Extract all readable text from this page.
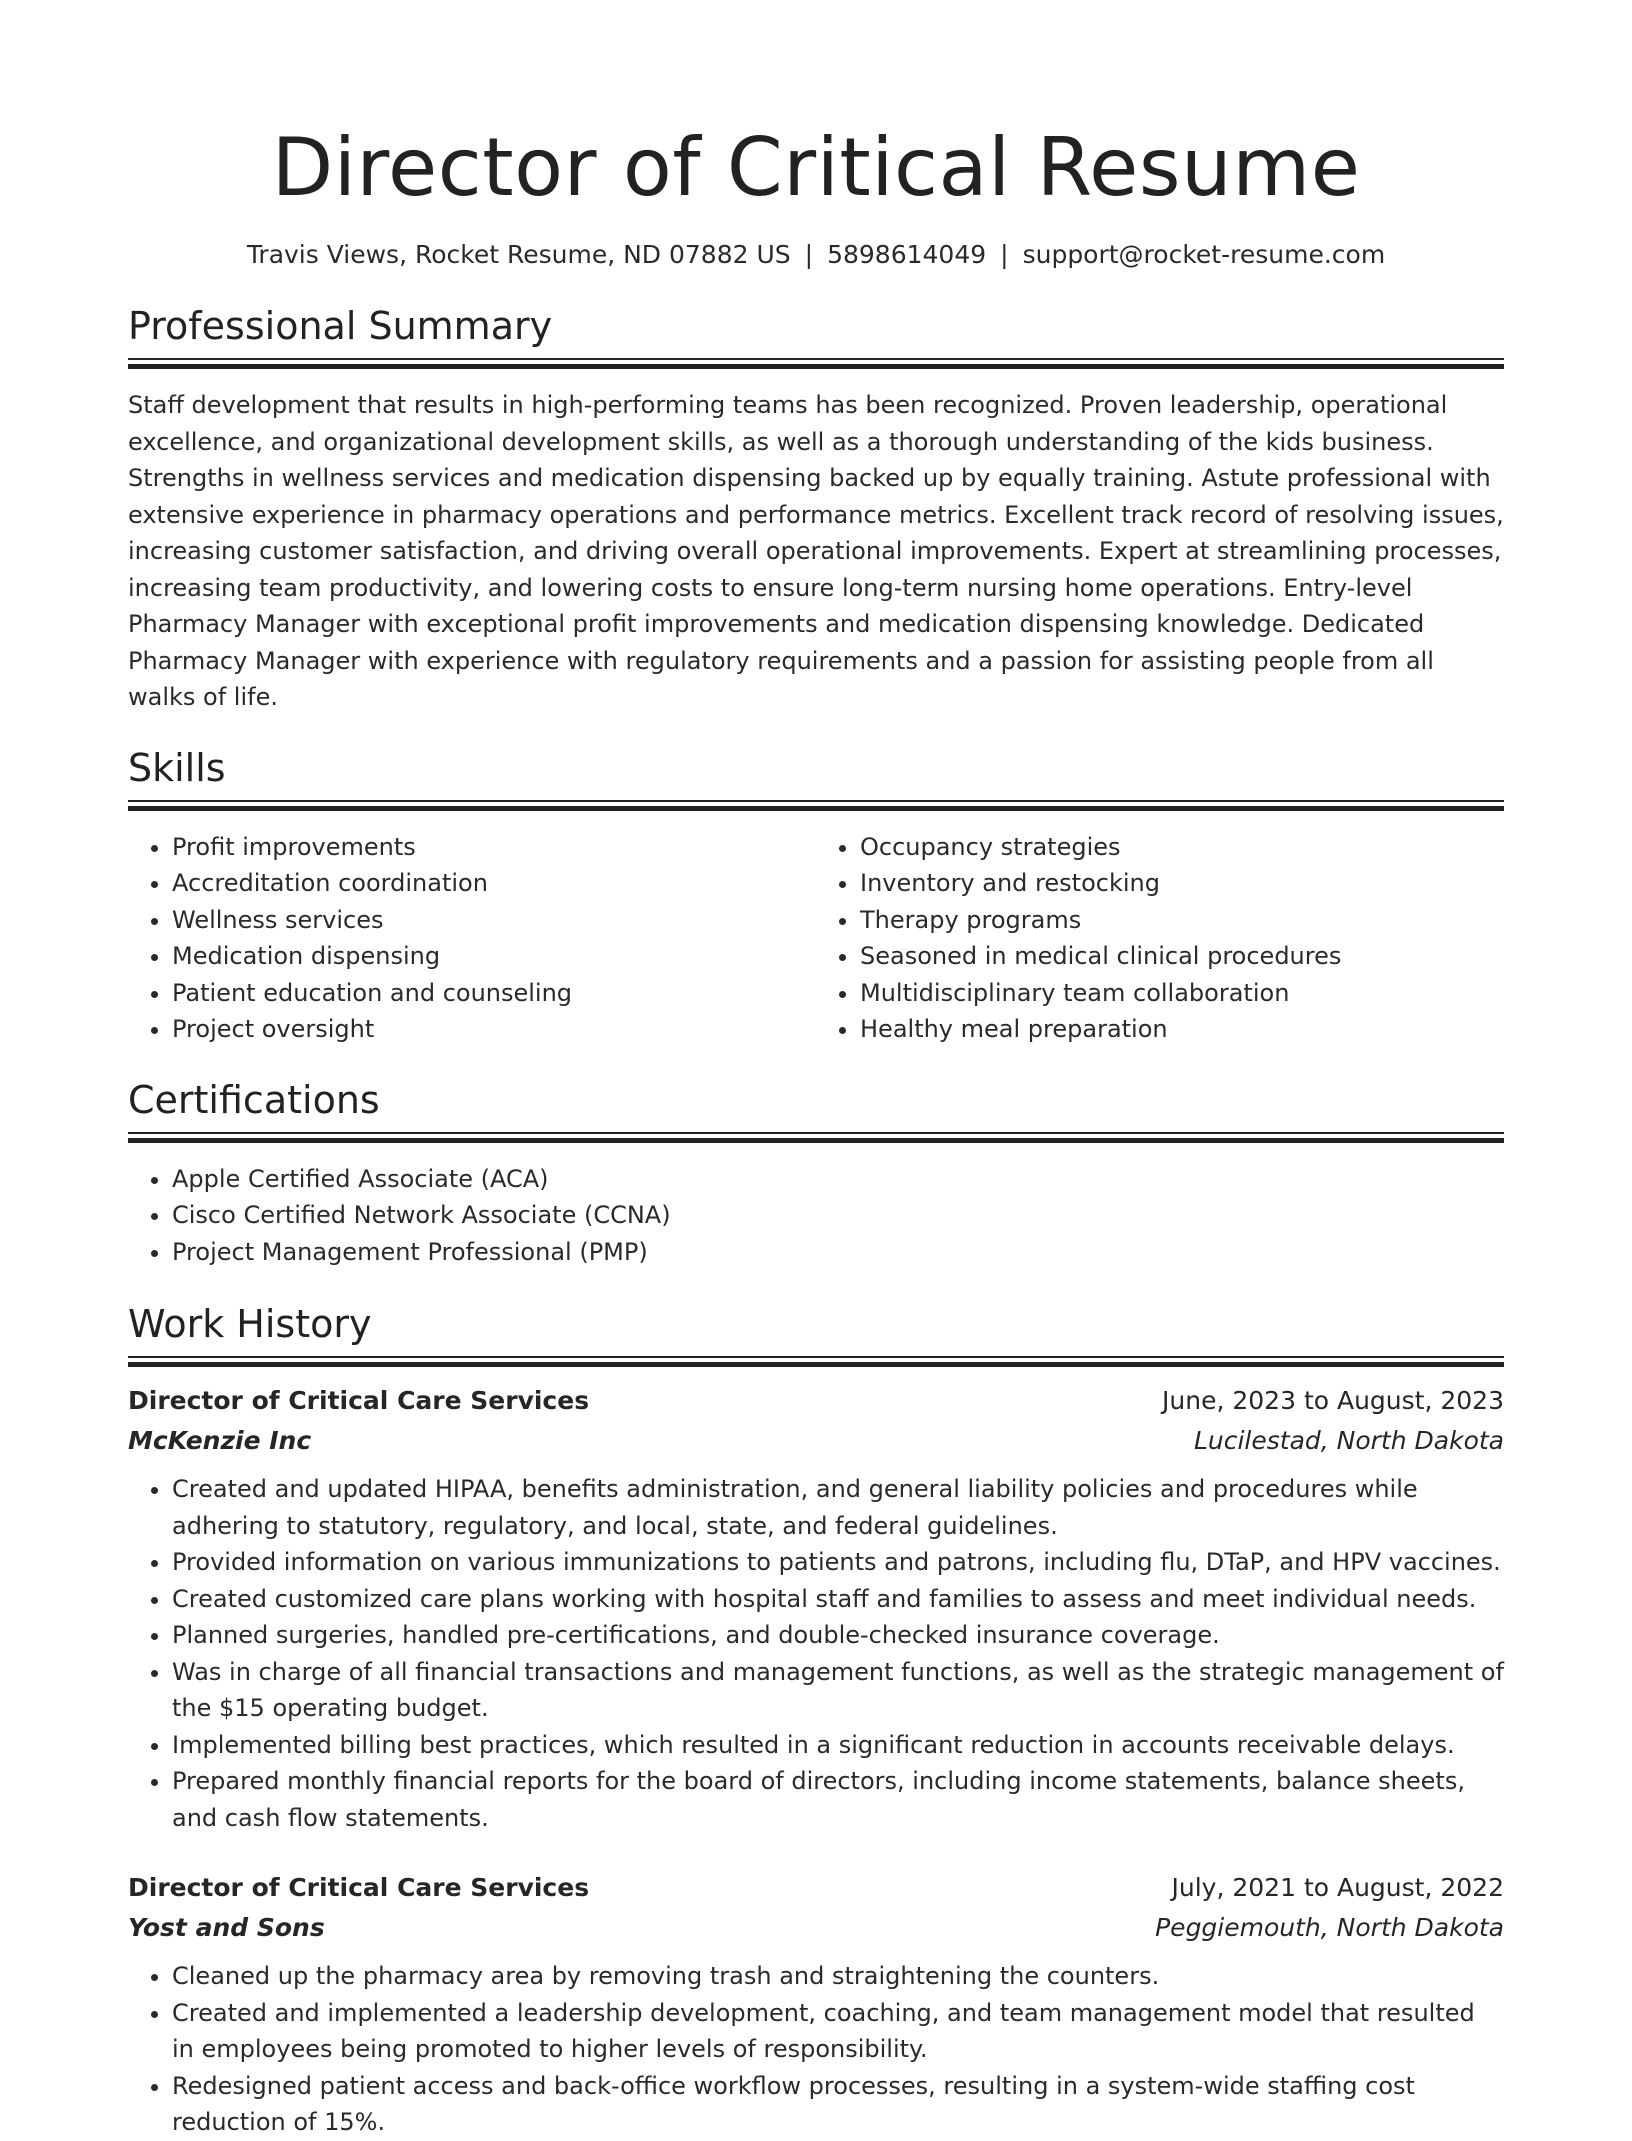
Director of Critical Resume
Travis Views, Rocket Resume, ND 07882 US | 5898614049 | support@rocket-resume.com
Professional Summary

Staff development that results in high-performing teams has been recognized. Proven leadership, operational excellence, and organizational development skills, as well as a thorough understanding of the kids business. Strengths in wellness services and medication dispensing backed up by equally training. Astute professional with extensive experience in pharmacy operations and performance metrics. Excellent track record of resolving issues, increasing customer satisfaction, and driving overall operational improvements. Expert at streamlining processes, increasing team productivity, and lowering costs to ensure long-term nursing home operations. Entry-level Pharmacy Manager with exceptional profit improvements and medication dispensing knowledge. Dedicated Pharmacy Manager with experience with regulatory requirements and a passion for assisting people from all walks of life.

Skills
• Profit improvements
• Accreditation coordination
• Wellness services
• Medication dispensing
• Patient education and counseling
• Project oversight
• Occupancy strategies
• Inventory and restocking
• Therapy programs
• Seasoned in medical clinical procedures
• Multidisciplinary team collaboration
• Healthy meal preparation
Certifications
• Apple Certified Associate (ACA)
• Cisco Certified Network Associate (CCNA)
• Project Management Professional (PMP)
Work History
Director of Critical Care Services	June, 2023 to August, 2023
McKenzie Inc	Lucilestad, North Dakota
• Created and updated HIPAA, benefits administration, and general liability policies and procedures while adhering to statutory, regulatory, and local, state, and federal guidelines.
• Provided information on various immunizations to patients and patrons, including flu, DTaP, and HPV vaccines.
• Created customized care plans working with hospital staff and families to assess and meet individual needs.
• Planned surgeries, handled pre-certifications, and double-checked insurance coverage.
• Was in charge of all financial transactions and management functions, as well as the strategic management of the $15 operating budget.
• Implemented billing best practices, which resulted in a significant reduction in accounts receivable delays.
• Prepared monthly financial reports for the board of directors, including income statements, balance sheets, and cash flow statements.
Director of Critical Care Services	July, 2021 to August, 2022
Yost and Sons	Peggiemouth, North Dakota
• Cleaned up the pharmacy area by removing trash and straightening the counters.
• Created and implemented a leadership development, coaching, and team management model that resulted in employees being promoted to higher levels of responsibility.
• Redesigned patient access and back-office workflow processes, resulting in a system-wide staffing cost reduction of 15%.
